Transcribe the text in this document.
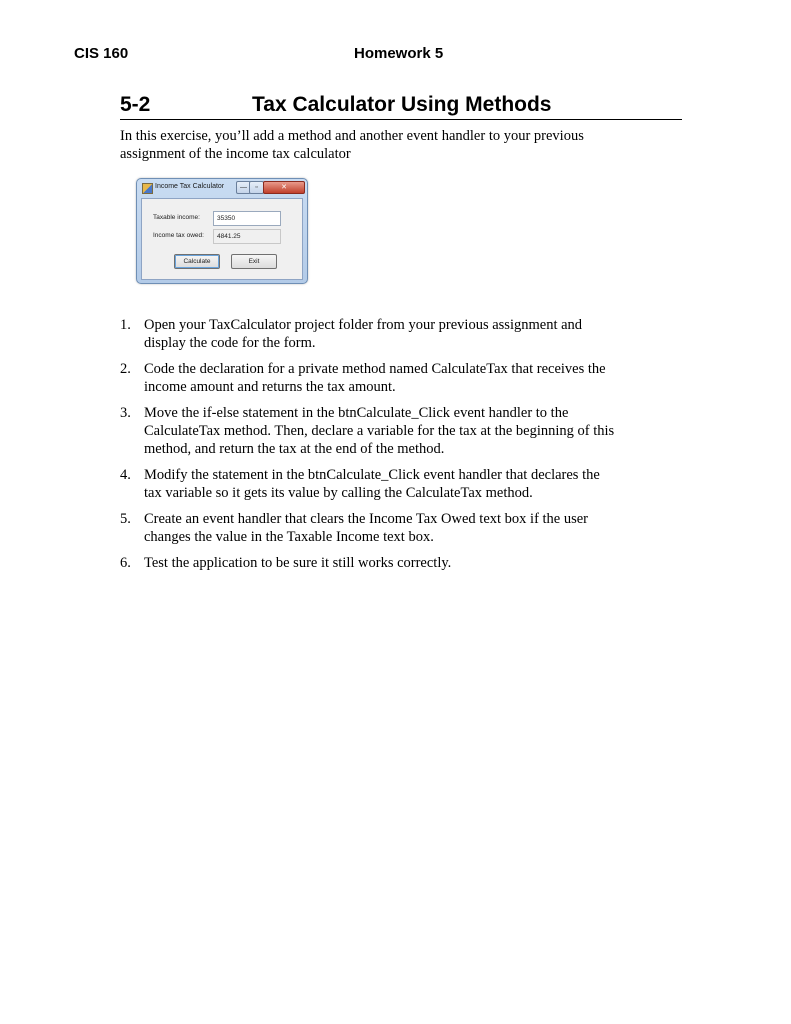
CIS 160	Homework 5
5-2	Tax Calculator Using Methods
In this exercise, you’ll add a method and another event handler to your previous assignment of the income tax calculator
Income Tax Calculator	—	▫	✕
Taxable income:	35350
Income tax owed:	4841.25
Calculate	Exit
1. Open your TaxCalculator project folder from your previous assignment and display the code for the form.
2. Code the declaration for a private method named CalculateTax that receives the income amount and returns the tax amount.
3. Move the if-else statement in the btnCalculate_Click event handler to the CalculateTax method. Then, declare a variable for the tax at the beginning of this method, and return the tax at the end of the method.
4. Modify the statement in the btnCalculate_Click event handler that declares the tax variable so it gets its value by calling the CalculateTax method.
5. Create an event handler that clears the Income Tax Owed text box if the user changes the value in the Taxable Income text box.
6. Test the application to be sure it still works correctly.
